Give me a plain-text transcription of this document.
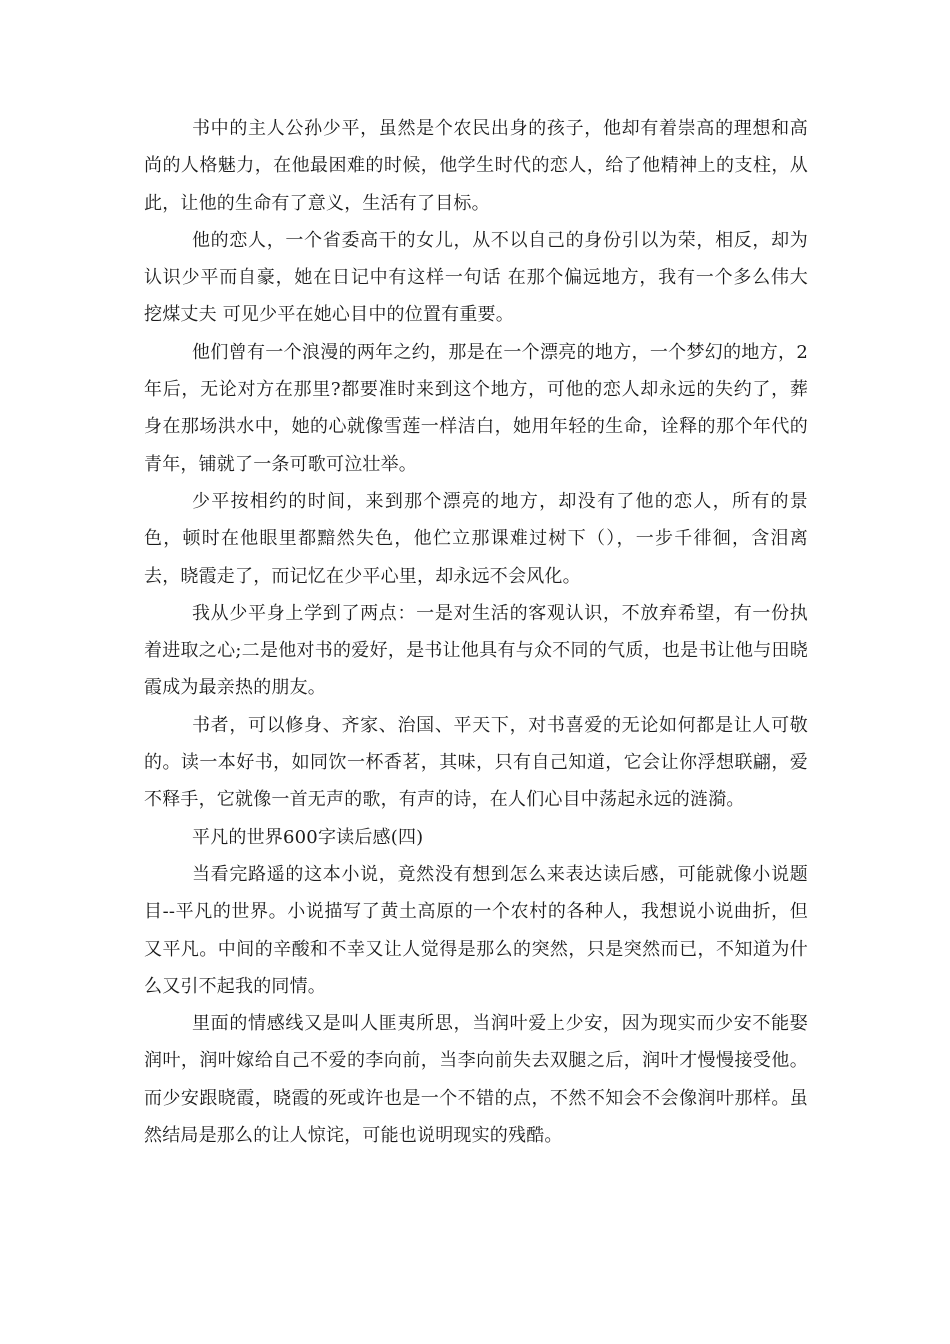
书中的主人公孙少平，虽然是个农民出身的孩子，他却有着崇高的理想和高尚的人格魅力，在他最困难的时候，他学生时代的恋人，给了他精神上的支柱，从此，让他的生命有了意义，生活有了目标。

他的恋人，一个省委高干的女儿，从不以自己的身份引以为荣，相反，却为认识少平而自豪，她在日记中有这样一句话 在那个偏远地方，我有一个多么伟大 挖煤丈夫 可见少平在她心目中的位置有重要。

他们曾有一个浪漫的两年之约，那是在一个漂亮的地方，一个梦幻的地方，2年后，无论对方在那里?都要准时来到这个地方，可他的恋人却永远的失约了，葬身在那场洪水中，她的心就像雪莲一样洁白，她用年轻的生命，诠释的那个年代的青年，铺就了一条可歌可泣壮举。

少平按相约的时间，来到那个漂亮的地方，却没有了他的恋人，所有的景色，顿时在他眼里都黯然失色，他伫立那课难过树下（），一步千徘徊，含泪离去，晓霞走了，而记忆在少平心里，却永远不会风化。

我从少平身上学到了两点：一是对生活的客观认识，不放弃希望，有一份执着进取之心;二是他对书的爱好，是书让他具有与众不同的气质，也是书让他与田晓霞成为最亲热的朋友。

书者，可以修身、齐家、治国、平天下，对书喜爱的无论如何都是让人可敬的。读一本好书，如同饮一杯香茗，其味，只有自己知道，它会让你浮想联翩，爱不释手，它就像一首无声的歌，有声的诗，在人们心目中荡起永远的涟漪。

平凡的世界600字读后感(四)

当看完路遥的这本小说，竟然没有想到怎么来表达读后感，可能就像小说题目--平凡的世界。小说描写了黄土高原的一个农村的各种人，我想说小说曲折，但又平凡。中间的辛酸和不幸又让人觉得是那么的突然，只是突然而已，不知道为什么又引不起我的同情。

里面的情感线又是叫人匪夷所思，当润叶爱上少安，因为现实而少安不能娶润叶，润叶嫁给自己不爱的李向前，当李向前失去双腿之后，润叶才慢慢接受他。而少安跟晓霞，晓霞的死或许也是一个不错的点，不然不知会不会像润叶那样。虽然结局是那么的让人惊诧，可能也说明现实的残酷。
